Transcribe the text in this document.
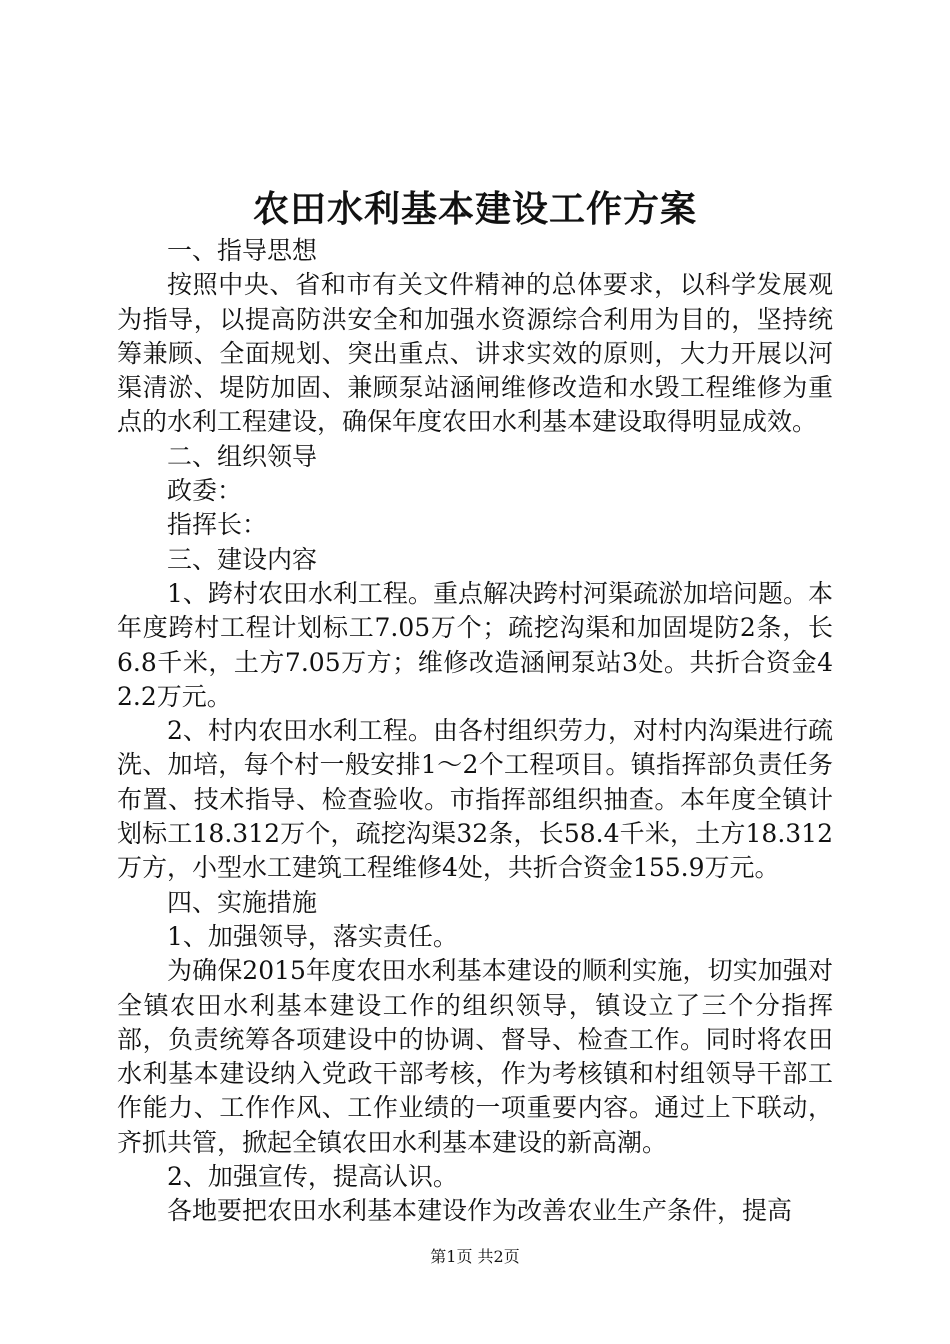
农田水利基本建设工作方案

一、指导思想

按照中央、省和市有关文件精神的总体要求，以科学发展观为指导，以提高防洪安全和加强水资源综合利用为目的，坚持统筹兼顾、全面规划、突出重点、讲求实效的原则，大力开展以河渠清淤、堤防加固、兼顾泵站涵闸维修改造和水毁工程维修为重点的水利工程建设，确保年度农田水利基本建设取得明显成效。

二、组织领导

政委：

指挥长：

三、建设内容

1、跨村农田水利工程。重点解决跨村河渠疏淤加培问题。本年度跨村工程计划标工7.05万个；疏挖沟渠和加固堤防2条，长6.8千米，土方7.05万方；维修改造涵闸泵站3处。共折合资金42.2万元。

2、村内农田水利工程。由各村组织劳力，对村内沟渠进行疏洗、加培，每个村一般安排1～2个工程项目。镇指挥部负责任务布置、技术指导、检查验收。市指挥部组织抽查。本年度全镇计划标工18.312万个，疏挖沟渠32条，长58.4千米，土方18.312万方，小型水工建筑工程维修4处，共折合资金155.9万元。

四、实施措施

1、加强领导，落实责任。

为确保2015年度农田水利基本建设的顺利实施，切实加强对全镇农田水利基本建设工作的组织领导，镇设立了三个分指挥部，负责统筹各项建设中的协调、督导、检查工作。同时将农田水利基本建设纳入党政干部考核，作为考核镇和村组领导干部工作能力、工作作风、工作业绩的一项重要内容。通过上下联动，齐抓共管，掀起全镇农田水利基本建设的新高潮。

2、加强宣传，提高认识。

各地要把农田水利基本建设作为改善农业生产条件，提高

第1页 共2页
